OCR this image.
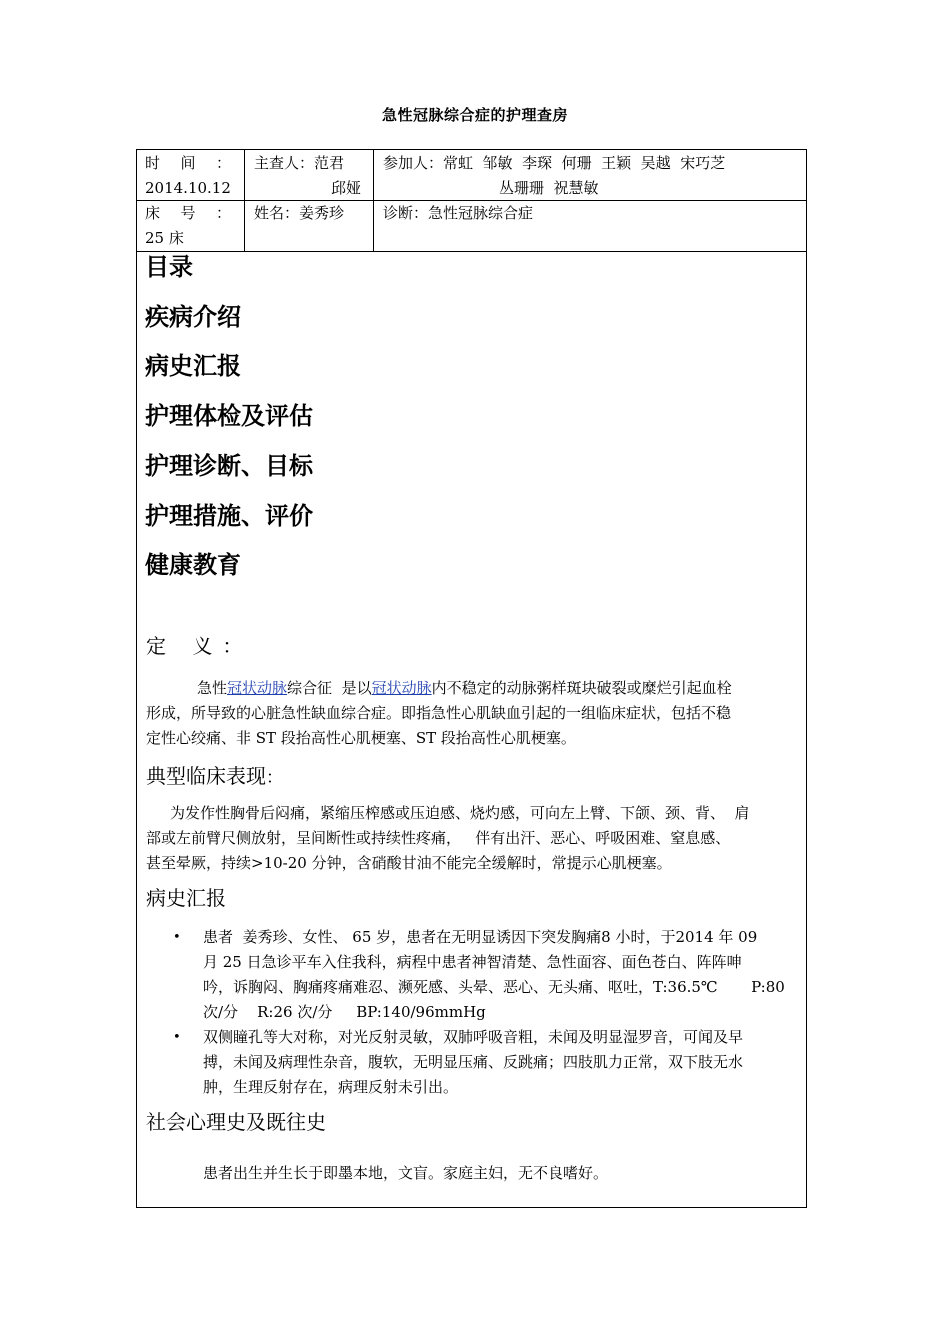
急性冠脉综合症的护理查房
时 间 ：
2014.10.12
主查人：范君
邱娅
参加人：常虹  邹敏  李琛  何珊  王颖  吴越  宋巧芝
丛珊珊  祝慧敏
床 号 ：
25 床
姓名：姜秀珍	诊断：急性冠脉综合症
目录
疾病介绍
病史汇报
护理体检及评估
护理诊断、目标
护理措施、评价
健康教育
定 义：
急性冠状动脉综合征  是以冠状动脉内不稳定的动脉粥样斑块破裂或糜烂引起血栓
形成，所导致的心脏急性缺血综合症。即指急性心肌缺血引起的一组临床症状，包括不稳
定性心绞痛、非 ST 段抬高性心肌梗塞、ST 段抬高性心肌梗塞。
典型临床表现：
为发作性胸骨后闷痛，紧缩压榨感或压迫感、烧灼感，可向左上臂、下颌、颈、背、  肩
部或左前臂尺侧放射，呈间断性或持续性疼痛，   伴有出汗、恶心、呼吸困难、窒息感、
甚至晕厥，持续>10-20 分钟，含硝酸甘油不能完全缓解时，常提示心肌梗塞。
病史汇报
• 患者  姜秀珍、女性、 65 岁，患者在无明显诱因下突发胸痛8 小时，于2014 年 09
月 25 日急诊平车入住我科，病程中患者神智清楚、急性面容、面色苍白、阵阵呻
吟，诉胸闷、胸痛疼痛难忍、濒死感、头晕、恶心、无头痛、呕吐，T:36.5℃       P:80
次/分    R:26 次/分     BP:140/96mmHg
• 双侧瞳孔等大对称，对光反射灵敏，双肺呼吸音粗，未闻及明显湿罗音，可闻及早
搏，未闻及病理性杂音，腹软，无明显压痛、反跳痛；四肢肌力正常，双下肢无水
肿，生理反射存在，病理反射未引出。
社会心理史及既往史
患者出生并生长于即墨本地，文盲。家庭主妇，无不良嗜好。
